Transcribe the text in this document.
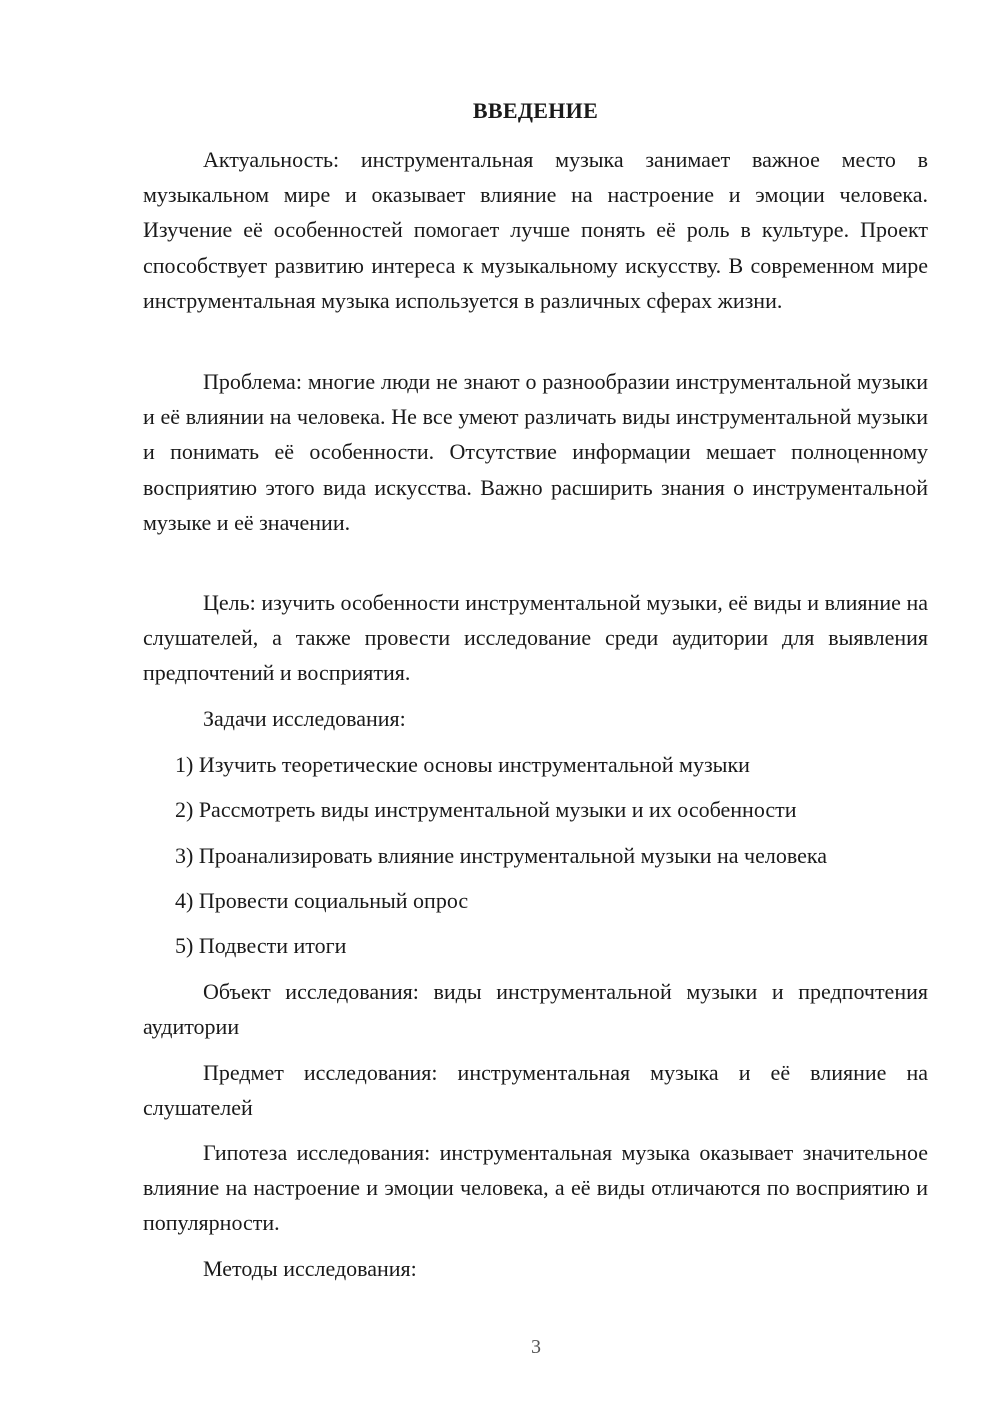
ВВЕДЕНИЕ

Актуальность: инструментальная музыка занимает важное место в музыкальном мире и оказывает влияние на настроение и эмоции человека. Изучение её особенностей помогает лучше понять её роль в культуре. Проект способствует развитию интереса к музыкальному искусству. В современном мире инструментальная музыка используется в различных сферах жизни.

Проблема: многие люди не знают о разнообразии инструментальной музыки и её влиянии на человека. Не все умеют различать виды инструментальной музыки и понимать её особенности. Отсутствие информации мешает полноценному восприятию этого вида искусства. Важно расширить знания о инструментальной музыке и её значении.

Цель: изучить особенности инструментальной музыки, её виды и влияние на слушателей, а также провести исследование среди аудитории для выявления предпочтений и восприятия.

Задачи исследования:

1) Изучить теоретические основы инструментальной музыки

2) Рассмотреть виды инструментальной музыки и их особенности

3) Проанализировать влияние инструментальной музыки на человека

4) Провести социальный опрос

5) Подвести итоги

Объект исследования: виды инструментальной музыки и предпочтения аудитории

Предмет исследования: инструментальная музыка и её влияние на слушателей

Гипотеза исследования: инструментальная музыка оказывает значительное влияние на настроение и эмоции человека, а её виды отличаются по восприятию и популярности.

Методы исследования:

3
